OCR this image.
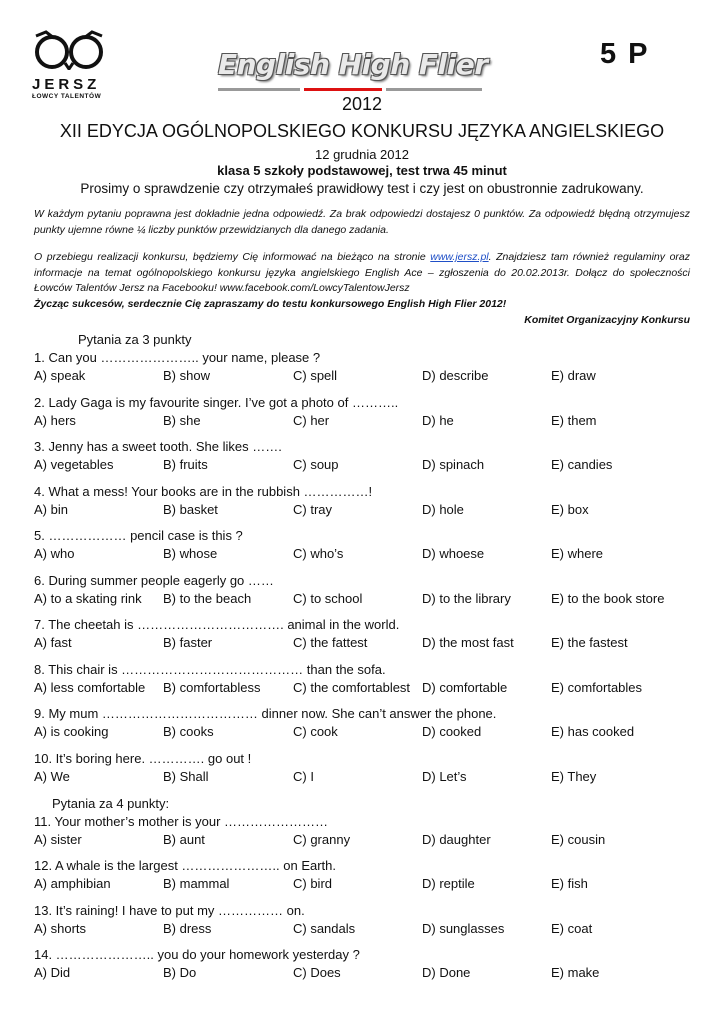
JERSZ
ŁOWCY TALENTÓW
English High Flier	5 P
2012
XII EDYCJA OGÓLNOPOLSKIEGO KONKURSU JĘZYKA ANGIELSKIEGO
12 grudnia 2012
klasa 5 szkoły podstawowej, test trwa 45 minut
Prosimy o sprawdzenie czy otrzymałeś prawidłowy test i czy jest on obustronnie zadrukowany.
W każdym pytaniu poprawna jest dokładnie jedna odpowiedź. Za brak odpowiedzi dostajesz 0 punktów. Za odpowiedź błędną otrzymujesz punkty ujemne równe ¼ liczby punktów przewidzianych dla danego zadania.
O przebiegu realizacji konkursu, będziemy Cię informować na bieżąco na stronie www.jersz.pl. Znajdziesz tam również regulaminy oraz informacje na temat ogólnopolskiego konkursu języka angielskiego English Ace – zgłoszenia do 20.02.2013r. Dołącz do społeczności Łowców Talentów Jersz na Facebooku! www.facebook.com/LowcyTalentowJersz
Życząc sukcesów, serdecznie Cię zapraszamy do testu konkursowego English High Flier 2012!
Komitet Organizacyjny Konkursu
Pytania za 3 punkty
1. Can you ………………….. your name, please ?
A) speak	B) show	C) spell	D) describe	E) draw
2. Lady Gaga is my favourite singer. I’ve got a photo of ………..
A) hers	B) she	C) her	D) he	E) them
3. Jenny has a sweet tooth. She likes …….
A) vegetables	B) fruits	C) soup	D) spinach	E) candies
4. What a mess! Your books are in the rubbish ……………!
A) bin	B) basket	C) tray	D) hole	E) box
5. ……………… pencil case is this ?
A) who	B) whose	C) who’s	D) whoese	E) where
6. During summer people eagerly go ……
A) to a skating rink B) to the beach	C) to school	D) to the library	E) to the book store
7. The cheetah is ……………………………. animal in the world.
A) fast	B) faster	C) the fattest	D) the most fast	E) the fastest
8. This chair is …………………………………… than the sofa.
A) less comfortable B) comfortabless C) the comfortablest D) comfortable	E) comfortables
9. My mum ……………………………… dinner now. She can’t answer the phone.
A) is cooking	B) cooks	C) cook	D) cooked	E) has cooked
10. It’s boring here. …………. go out !
A) We	B) Shall	C) I	D) Let’s	E) They
Pytania za 4 punkty:
11. Your mother’s mother is your ……………………
A) sister	B) aunt	C) granny	D) daughter	E) cousin
12. A whale is the largest ………………….. on Earth.
A) amphibian	B) mammal	C) bird	D) reptile	E) fish
13. It’s raining! I have to put my …………… on.
A) shorts	B) dress	C) sandals	D) sunglasses	E) coat
14. ………………….. you do your homework yesterday ?
A) Did	B) Do	C) Does	D) Done	E) make
